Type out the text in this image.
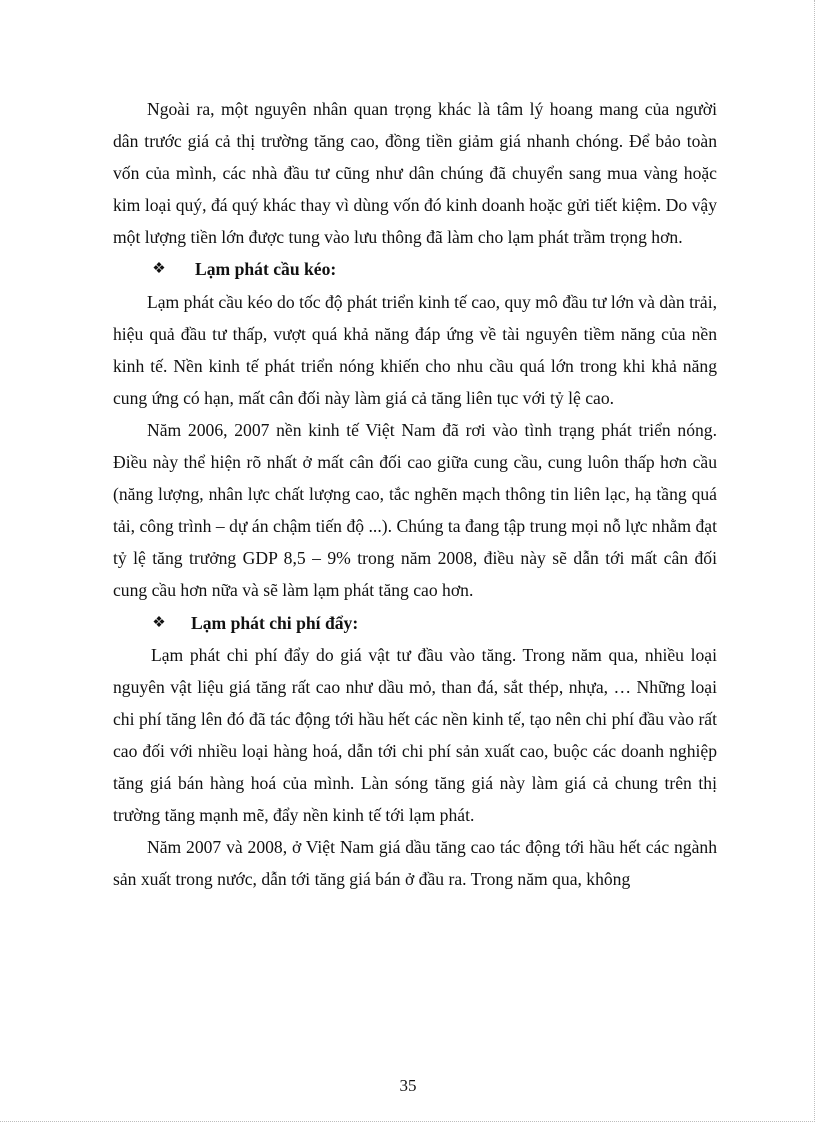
Ngoài ra, một nguyên nhân quan trọng khác là tâm lý hoang mang của người dân trước giá cả thị trường tăng cao, đồng tiền giảm giá nhanh chóng. Để bảo toàn vốn của mình, các nhà đầu tư cũng như dân chúng đã chuyển sang mua vàng hoặc kim loại quý, đá quý khác thay vì dùng vốn đó kinh doanh hoặc gửi tiết kiệm. Do vậy một lượng tiền lớn được tung vào lưu thông đã làm cho lạm phát trầm trọng hơn.

❖ Lạm phát cầu kéo:

Lạm phát cầu kéo do tốc độ phát triển kinh tế cao, quy mô đầu tư lớn và dàn trải, hiệu quả đầu tư thấp, vượt quá khả năng đáp ứng về tài nguyên tiềm năng của nền kinh tế. Nền kinh tế phát triển nóng khiến cho nhu cầu quá lớn trong khi khả năng cung ứng có hạn, mất cân đối này làm giá cả tăng liên tục với tỷ lệ cao.

Năm 2006, 2007 nền kinh tế Việt Nam đã rơi vào tình trạng phát triển nóng. Điều này thể hiện rõ nhất ở mất cân đối cao giữa cung cầu, cung luôn thấp hơn cầu (năng lượng, nhân lực chất lượng cao, tắc nghẽn mạch thông tin liên lạc, hạ tầng quá tải, công trình – dự án chậm tiến độ ...). Chúng ta đang tập trung mọi nỗ lực nhằm đạt tỷ lệ tăng trưởng GDP 8,5 – 9% trong năm 2008, điều này sẽ dẫn tới mất cân đối cung cầu hơn nữa và sẽ làm lạm phát tăng cao hơn.

❖ Lạm phát chi phí đẩy:

Lạm phát chi phí đẩy do giá vật tư đầu vào tăng. Trong năm qua, nhiều loại nguyên vật liệu giá tăng rất cao như dầu mỏ, than đá, sắt thép, nhựa, … Những loại chi phí tăng lên đó đã tác động tới hầu hết các nền kinh tế, tạo nên chi phí đầu vào rất cao đối với nhiều loại hàng hoá, dẫn tới chi phí sản xuất cao, buộc các doanh nghiệp tăng giá bán hàng hoá của mình. Làn sóng tăng giá này làm giá cả chung trên thị trường tăng mạnh mẽ, đẩy nền kinh tế tới lạm phát.

Năm 2007 và 2008, ở Việt Nam giá dầu tăng cao tác động tới hầu hết các ngành sản xuất trong nước, dẫn tới tăng giá bán ở đầu ra. Trong năm qua, không

35
